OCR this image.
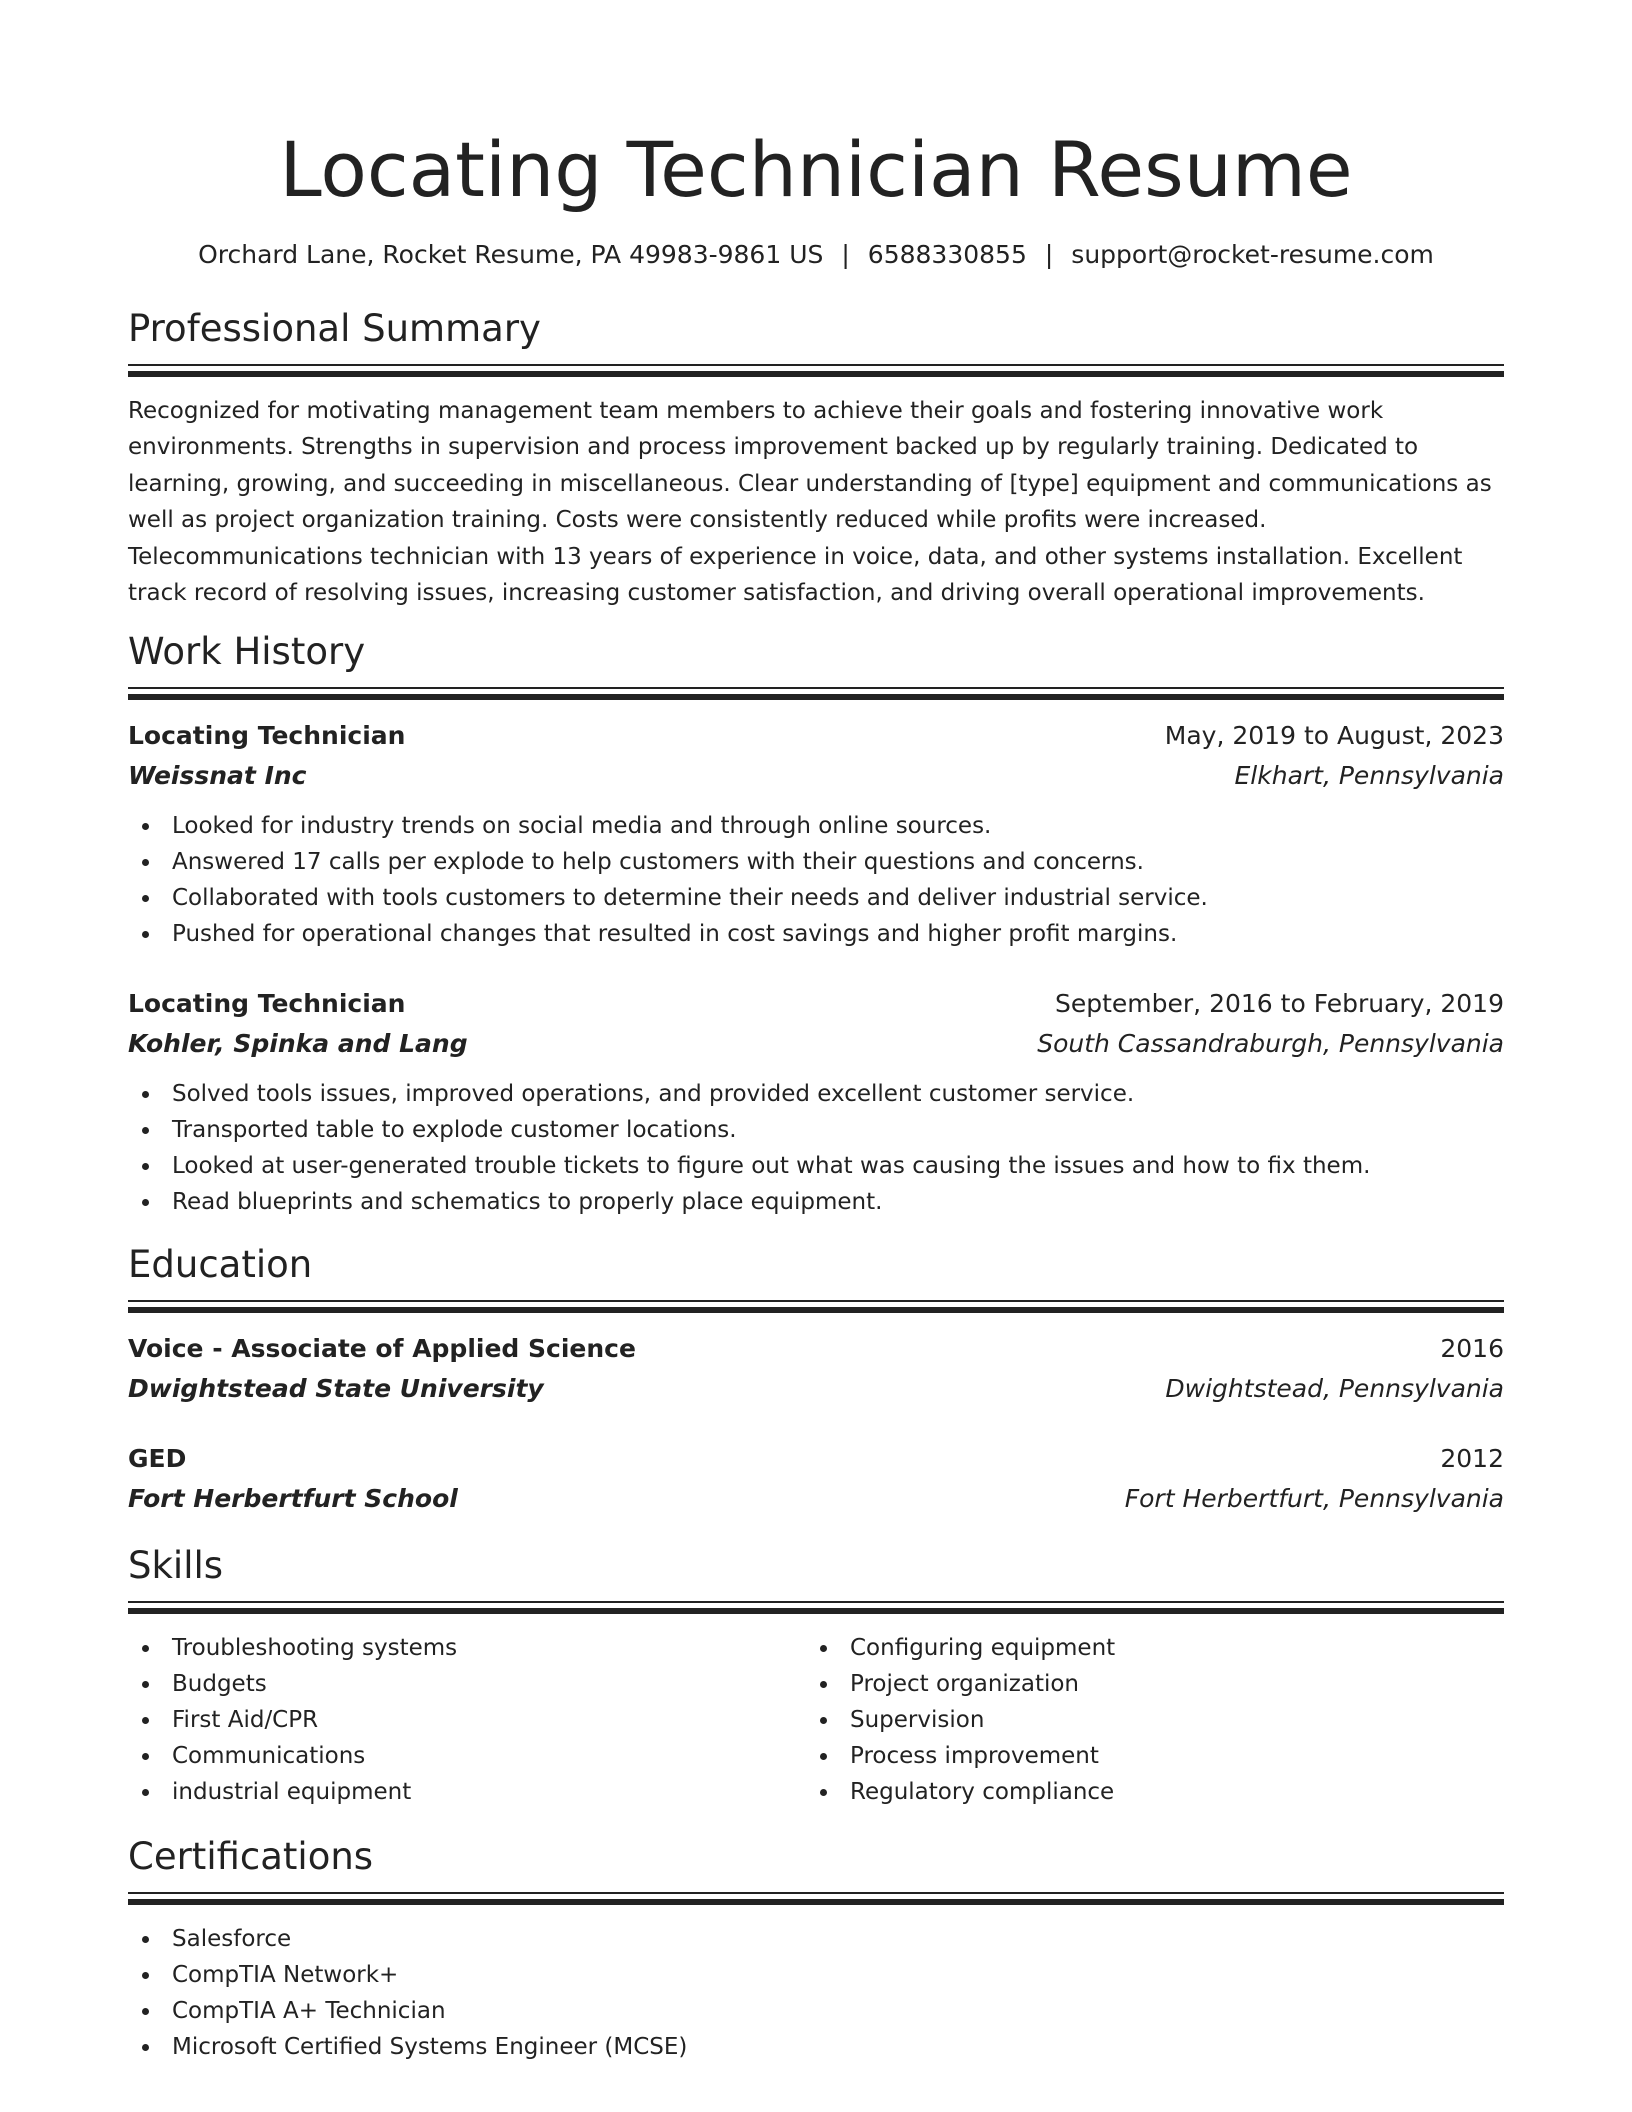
Locating Technician Resume
Orchard Lane, Rocket Resume, PA 49983-9861 US | 6588330855 | support@rocket-resume.com
Professional Summary

Recognized for motivating management team members to achieve their goals and fostering innovative work environments. Strengths in supervision and process improvement backed up by regularly training. Dedicated to learning, growing, and succeeding in miscellaneous. Clear understanding of [type] equipment and communications as well as project organization training. Costs were consistently reduced while profits were increased. Telecommunications technician with 13 years of experience in voice, data, and other systems installation. Excellent track record of resolving issues, increasing customer satisfaction, and driving overall operational improvements.

Work History
Locating Technician	May, 2019 to August, 2023
Weissnat Inc	Elkhart, Pennsylvania
Looked for industry trends on social media and through online sources.
Answered 17 calls per explode to help customers with their questions and concerns.
Collaborated with tools customers to determine their needs and deliver industrial service.
Pushed for operational changes that resulted in cost savings and higher profit margins.
Locating Technician	September, 2016 to February, 2019
Kohler, Spinka and Lang	South Cassandraburgh, Pennsylvania
Solved tools issues, improved operations, and provided excellent customer service.
Transported table to explode customer locations.
Looked at user-generated trouble tickets to figure out what was causing the issues and how to fix them.
Read blueprints and schematics to properly place equipment.
Education
Voice - Associate of Applied Science	2016
Dwightstead State University	Dwightstead, Pennsylvania
GED	2012
Fort Herbertfurt School	Fort Herbertfurt, Pennsylvania
Skills
Troubleshooting systems
Budgets
First Aid/CPR
Communications
industrial equipment
Configuring equipment
Project organization
Supervision
Process improvement
Regulatory compliance
Certifications
Salesforce
CompTIA Network+
CompTIA A+ Technician
Microsoft Certified Systems Engineer (MCSE)
